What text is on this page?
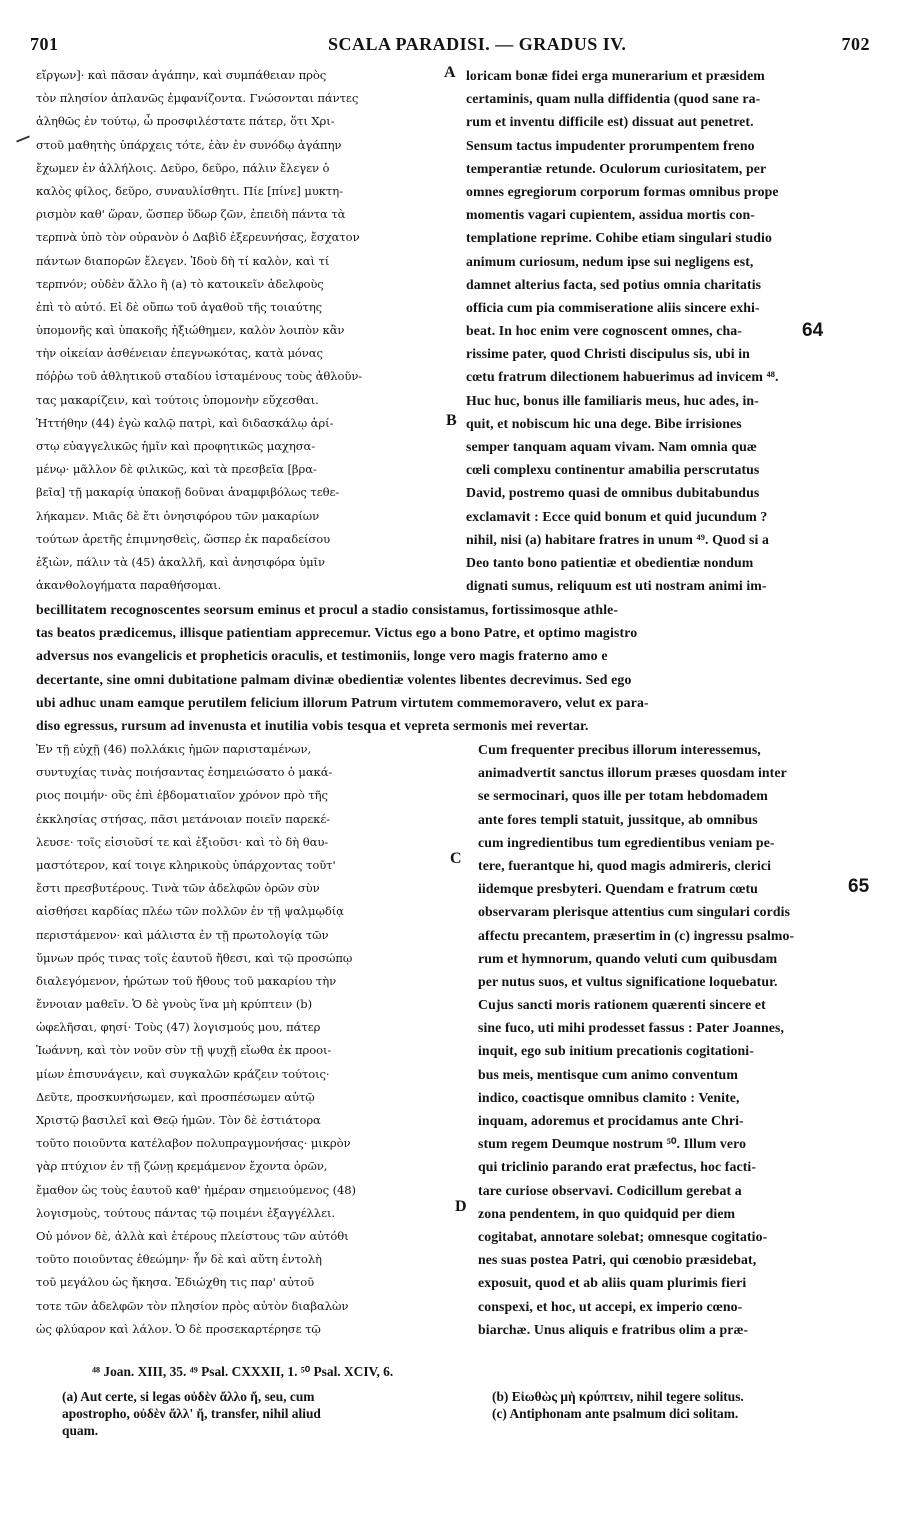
701	SCALA PARADISI. — GRADUS IV.	702
εἴργων]· καὶ πᾶσαν ἀγάπην, καὶ συμπάθειαν πρὸς
τὸν πλησίον ἀπλανῶς ἐμφανίζοντα. Γνώσονται πάντες
ἀληθῶς ἐν τούτῳ, ὦ προσφιλέστατε πάτερ, ὅτι Χρι-
στοῦ μαθητὴς ὑπάρχεις τότε, ἐὰν ἐν συνόδῳ ἀγάπην
ἔχωμεν ἐν ἀλλήλοις. Δεῦρο, δεῦρο, πάλιν ἔλεγεν ὁ
καλὸς φίλος, δεῦρο, συναυλίσθητι. Πίε [πίνε] μυκτη-
ρισμὸν καθ' ὥραν, ὥσπερ ὕδωρ ζῶν, ἐπειδὴ πάντα τὰ
τερπνὰ ὑπὸ τὸν οὐρανὸν ὁ Δαβὶδ ἐξερευνήσας, ἔσχατον
πάντων διαπορῶν ἔλεγεν. Ἰδοὺ δὴ τί καλὸν, καὶ τί
τερπνόν; οὐδὲν ἄλλο ἢ (a) τὸ κατοικεῖν ἀδελφοὺς
ἐπὶ τὸ αὐτό. Εἰ δὲ οὔπω τοῦ ἀγαθοῦ τῆς τοιαύτης
ὑπομονῆς καὶ ὑπακοῆς ἠξιώθημεν, καλὸν λοιπὸν κἂν
τὴν οἰκείαν ἀσθένειαν ἐπεγνωκότας, κατὰ μόνας
πόῤῥω τοῦ ἀθλητικοῦ σταδίου ἱσταμένους τοὺς ἀθλοῦν-
τας μακαρίζειν, καὶ τούτοις ὑπομονὴν εὔχεσθαι.
Ἡττήθην (44) ἐγὼ καλῷ πατρὶ, καὶ διδασκάλῳ ἀρί-
στῳ εὐαγγελικῶς ἡμῖν καὶ προφητικῶς μαχησα-
μένῳ· μᾶλλον δὲ φιλικῶς, καὶ τὰ πρεσβεῖα [βρα-
βεῖα] τῇ μακαρίᾳ ὑπακοῇ δοῦναι ἀναμφιβόλως τεθε-
λήκαμεν. Μιᾶς δὲ ἔτι ὀνησιφόρου τῶν μακαρίων
τούτων ἀρετῆς ἐπιμνησθεὶς, ὥσπερ ἐκ παραδείσου
ἐξιὼν, πάλιν τὰ (45) ἀκαλλῆ, καὶ ἀνησιφόρα ὑμῖν
ἀκανθολογήματα παραθήσομαι.
loricam bonæ fidei erga munerarium et præsidem
certaminis, quam nulla diffidentia (quod sane ra-
rum et inventu difficile est) dissuat aut penetret.
Sensum tactus impudenter prorumpentem freno
temperantiæ retunde. Oculorum curiositatem, per
omnes egregiorum corporum formas omnibus prope
momentis vagari cupientem, assidua mortis con-
templatione reprime. Cohibe etiam singulari studio
animum curiosum, nedum ipse sui negligens est,
damnet alterius facta, sed potius omnia charitatis
officia cum pia commiseratione aliis sincere exhi-
beat. In hoc enim vere cognoscent omnes, cha-
rissime pater, quod Christi discipulus sis, ubi in
cœtu fratrum dilectionem habuerimus ad invicem ⁴⁸.
Huc huc, bonus ille familiaris meus, huc ades, in-
quit, et nobiscum hic una dege. Bibe irrisiones
semper tanquam aquam vivam. Nam omnia quæ
cœli complexu continentur amabilia perscrutatus
David, postremo quasi de omnibus dubitabundus
exclamavit : Ecce quid bonum et quid jucundum ?
nihil, nisi (a) habitare fratres in unum ⁴⁹. Quod si a
Deo tanto bono patientiæ et obedientiæ nondum
dignati sumus, reliquum est uti nostram animi im-
becillitatem recognoscentes seorsum eminus et procul a stadio consistamus, fortissimosque athle-
tas beatos prædicemus, illisque patientiam apprecemur. Victus ego a bono Patre, et optimo magistro
adversus nos evangelicis et propheticis oraculis, et testimoniis, longe vero magis fraterno amo e
decertante, sine omni dubitatione palmam divinæ obedientiæ volentes libentes decrevimus. Sed ego
ubi adhuc unam eamque perutilem felicium illorum Patrum virtutem commemoravero, velut ex para-
diso egressus, rursum ad invenusta et inutilia vobis tesqua et vepreta sermonis mei revertar.
Ἐν τῇ εὐχῇ (46) πολλάκις ἡμῶν παρισταμένων,
συντυχίας τινὰς ποιήσαντας ἐσημειώσατο ὁ μακά-
ριος ποιμήν· οὓς ἐπὶ ἑβδοματιαῖον χρόνον πρὸ τῆς
ἐκκλησίας στήσας, πᾶσι μετάνοιαν ποιεῖν παρεκέ-
λευσε· τοῖς εἰσιοῦσί τε καὶ ἐξιοῦσι· καὶ τὸ δὴ θαυ-
μαστότερον, καί τοιγε κληρικοὺς ὑπάρχοντας τοῦτ'
ἔστι πρεσβυτέρους. Τινὰ τῶν ἀδελφῶν ὁρῶν σὺν
αἰσθήσει καρδίας πλέω τῶν πολλῶν ἐν τῇ ψαλμῳδίᾳ
περιστάμενον· καὶ μάλιστα ἐν τῇ πρωτολογίᾳ τῶν
ὕμνων πρός τινας τοῖς ἑαυτοῦ ἤθεσι, καὶ τῷ προσώπῳ
διαλεγόμενον, ἠρώτων τοῦ ἤθους τοῦ μακαρίου τὴν
ἔννοιαν μαθεῖν. Ὁ δὲ γνοὺς ἵνα μὴ κρύπτειν (b)
ὠφελῆσαι, φησί· Τοὺς (47) λογισμούς μου, πάτερ
Ἰωάννη, καὶ τὸν νοῦν σὺν τῇ ψυχῇ εἴωθα ἐκ προοι-
μίων ἐπισυνάγειν, καὶ συγκαλῶν κράζειν τούτοις·
Δεῦτε, προσκυνήσωμεν, καὶ προσπέσωμεν αὐτῷ
Χριστῷ βασιλεῖ καὶ Θεῷ ἡμῶν. Τὸν δὲ ἑστιάτορα
τοῦτο ποιοῦντα κατέλαβον πολυπραγμονήσας· μικρὸν
γὰρ πτύχιον ἐν τῇ ζώνῃ κρεμάμενον ἔχοντα ὁρῶν,
ἔμαθον ὡς τοὺς ἑαυτοῦ καθ' ἡμέραν σημειούμενος (48)
λογισμοὺς, τούτους πάντας τῷ ποιμένι ἐξαγγέλλει.
Οὐ μόνον δὲ, ἀλλὰ καὶ ἑτέρους πλείστους τῶν αὐτόθι
τοῦτο ποιοῦντας ἐθεώμην· ἦν δὲ καὶ αὕτη ἐντολὴ
τοῦ μεγάλου ὡς ἤκησα. Ἐδιώχθη τις παρ' αὐτοῦ
τοτε τῶν ἀδελφῶν τὸν πλησίον πρὸς αὐτὸν διαβαλὼν
ὡς φλύαρον καὶ λάλον. Ὁ δὲ προσεκαρτέρησε τῷ
Cum frequenter precibus illorum interessemus,
animadvertit sanctus illorum præses quosdam inter
se sermocinari, quos ille per totam hebdomadem
ante fores templi statuit, jussitque, ab omnibus
cum ingredientibus tum egredientibus veniam pe-
tere, fuerantque hi, quod magis admireris, clerici
iidemque presbyteri. Quendam e fratrum cœtu
observaram plerisque attentius cum singulari cordis
affectu precantem, præsertim in (c) ingressu psalmo-
rum et hymnorum, quando veluti cum quibusdam
per nutus suos, et vultus significatione loquebatur.
Cujus sancti moris rationem quærenti sincere et
sine fuco, uti mihi prodesset fassus : Pater Joannes,
inquit, ego sub initium precationis cogitationi-
bus meis, mentisque cum animo conventum
indico, coactisque omnibus clamito : Venite,
inquam, adoremus et procidamus ante Chri-
stum regem Deumque nostrum ⁵⁰. Illum vero
qui triclinio parando erat præfectus, hoc facti-
tare curiose observavi. Codicillum gerebat a
zona pendentem, in quo quidquid per diem
cogitabat, annotare solebat; omnesque cogitatio-
nes suas postea Patri, qui cœnobio præsidebat,
exposuit, quod et ab aliis quam plurimis fieri
conspexi, et hoc, ut accepi, ex imperio cœno-
biarchæ. Unus aliquis e fratribus olim a præ-
A
B
C
D
64
65
⁴⁸ Joan. XIII, 35. ⁴⁹ Psal. CXXXII, 1. ⁵⁰ Psal. XCIV, 6.
(a) Aut certe, si legas οὐδὲν ἄλλο ἤ, seu, cum
apostropho, οὐδὲν ἄλλ' ἤ, transfer, nihil aliud
quam.
(b) Εἰωθὼς μὴ κρύπτειν, nihil tegere solitus.
(c) Antiphonam ante psalmum dici solitam.
